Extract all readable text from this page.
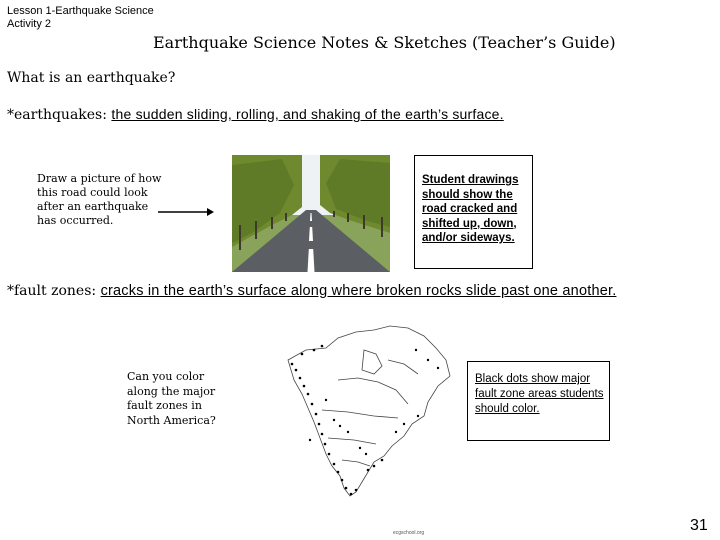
Lesson 1-Earthquake Science
Activity 2
Earthquake Science Notes & Sketches (Teacher’s Guide)
What is an earthquake?
*earthquakes: the sudden sliding, rolling, and shaking of the earth’s surface.
Draw a picture of how this road could look after an earthquake has occurred.
Student drawings should show the road cracked and shifted up, down, and/or sideways.
*fault zones: cracks in the earth’s surface along where broken rocks slide past one another.
Can you color along the major fault zones in North America?
Black dots show major fault zone areas students should color.
ecgschool.org	31
